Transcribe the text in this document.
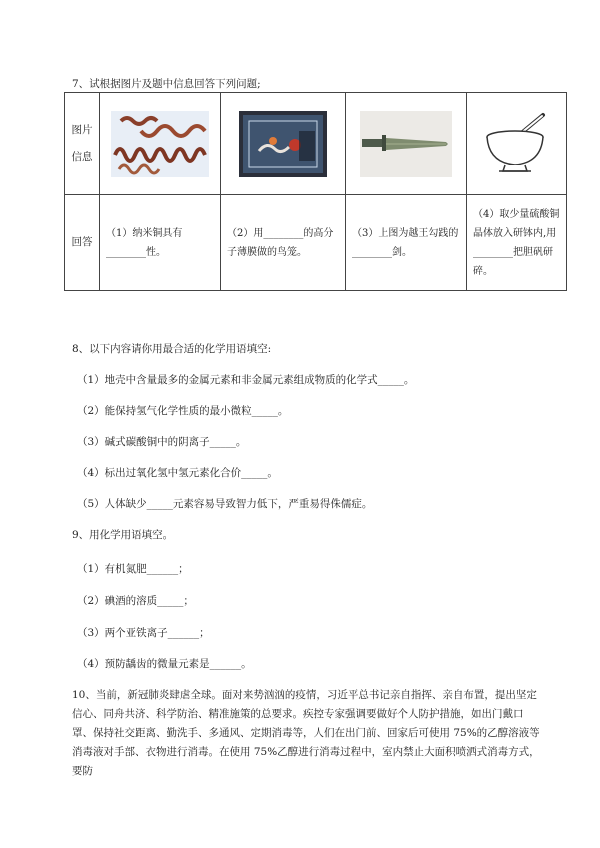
7、试根据图片及题中信息回答下列问题;
图片
信息

回答	（1）纳米铜具有________性。	（2）用________的高分子薄膜做的鸟笼。	（3）上图为越王勾践的________剑。	（4）取少量硫酸铜晶体放入研钵内,用________把胆矾研碎。
8、以下内容请你用最合适的化学用语填空:
（1）地壳中含量最多的金属元素和非金属元素组成物质的化学式_____。
（2）能保持氢气化学性质的最小微粒_____。
（3）碱式碳酸铜中的阴离子_____。
（4）标出过氧化氢中氢元素化合价_____。
（5）人体缺少_____元素容易导致智力低下，严重易得侏儒症。
9、用化学用语填空。
（1）有机氮肥______；
（2）碘酒的溶质_____；
（3）两个亚铁离子______；
（4）预防龋齿的微量元素是______。
10、当前，新冠肺炎肆虐全球。面对来势汹汹的疫情，习近平总书记亲自指挥、亲自布置，提出坚定信心、同舟共济、科学防治、精准施策的总要求。疾控专家强调要做好个人防护措施，如出门戴口罩、保持社交距离、勤洗手、多通风、定期消毒等，人们在出门前、回家后可使用 75%的乙醇溶液等消毒液对手部、衣物进行消毒。在使用 75%乙醇进行消毒过程中，室内禁止大面积喷洒式消毒方式，要防
